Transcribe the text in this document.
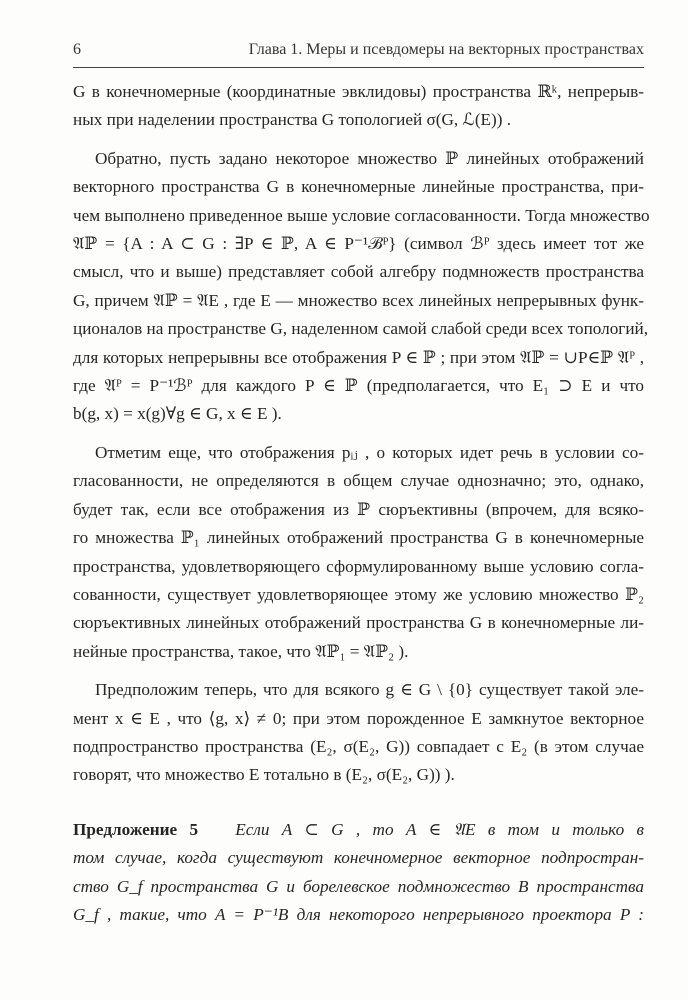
6	Глава 1. Меры и псевдомеры на векторных пространствах
G в конечномерные (координатные эвклидовы) пространства ℝᵏ, непрерыв-
ных при наделении пространства G топологией σ(G, ℒ(E)) .
Обратно, пусть задано некоторое множество ℙ линейных отображений
векторного пространства G в конечномерные линейные пространства, при-
чем выполнено приведенное выше условие согласованности. Тогда множество
𝔄ℙ = {A : A ⊂ G : ∃P ∈ ℙ, A ∈ P⁻¹ℬᴾ} (символ ℬᴾ здесь имеет тот же
смысл, что и выше) представляет собой алгебру подмножеств пространства
G, причем 𝔄ℙ = 𝔄E , где E — множество всех линейных непрерывных функ-
ционалов на пространстве G, наделенном самой слабой среди всех топологий,
для которых непрерывны все отображения P ∈ ℙ ; при этом 𝔄ℙ = ∪P∈ℙ 𝔄ᴾ ,
где 𝔄ᴾ = P⁻¹ℬᴾ для каждого P ∈ ℙ (предполагается, что E₁ ⊃ E и что
b(g, x) = x(g)∀g ∈ G, x ∈ E ).
Отметим еще, что отображения pᵢⱼ , о которых идет речь в условии со-
гласованности, не определяются в общем случае однозначно; это, однако,
будет так, если все отображения из ℙ сюръективны (впрочем, для всяко-
го множества ℙ₁ линейных отображений пространства G в конечномерные
пространства, удовлетворяющего сформулированному выше условию согла-
сованности, существует удовлетворяющее этому же условию множество ℙ₂
сюръективных линейных отображений пространства G в конечномерные ли-
нейные пространства, такое, что 𝔄ℙ₁ = 𝔄ℙ₂ ).
Предположим теперь, что для всякого g ∈ G \ {0} существует такой эле-
мент x ∈ E , что ⟨g, x⟩ ≠ 0; при этом порожденное E замкнутое векторное
подпространство пространства (E₂, σ(E₂, G)) совпадает с E₂ (в этом случае
говорят, что множество E тотально в (E₂, σ(E₂, G)) ).
Предложение 5 Если A ⊂ G , то A ∈ 𝔄E в том и только в
том случае, когда существуют конечномерное векторное подпростран-
ство G_f пространства G и борелевское подмножество B пространства
G_f , такие, что A = P⁻¹B для некоторого непрерывного проектора P :
